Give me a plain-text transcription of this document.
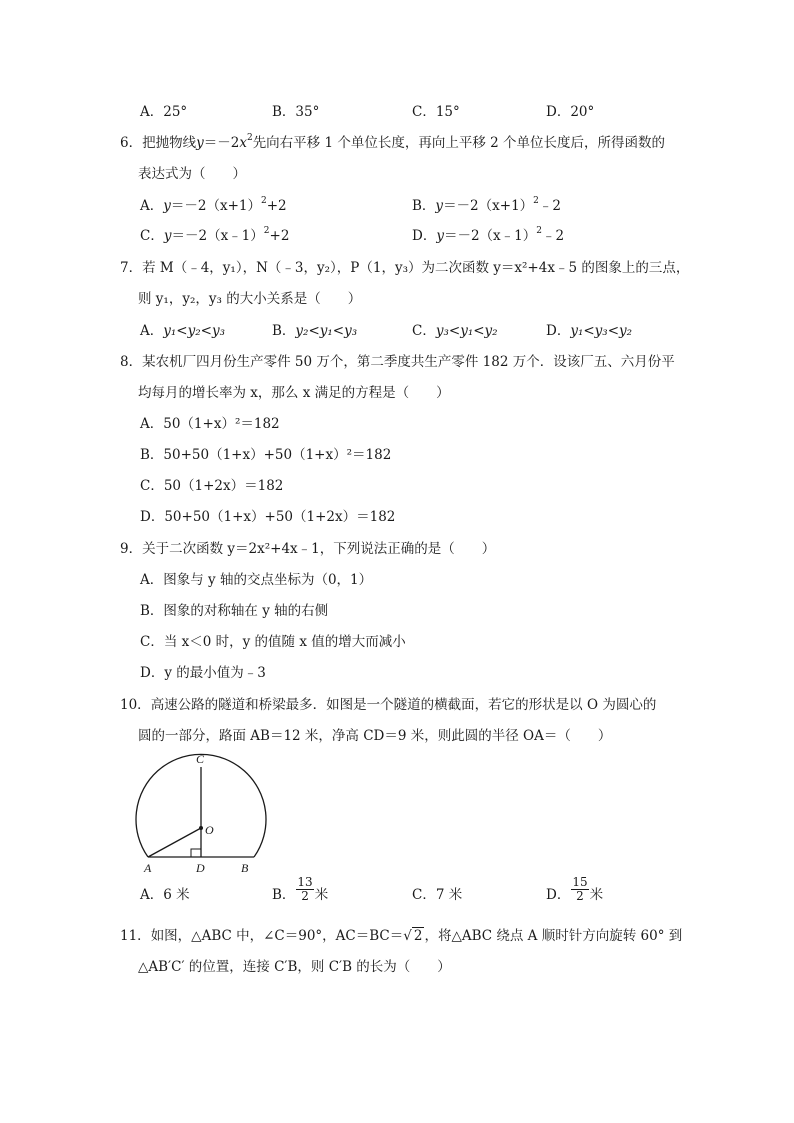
A．25°	B．35°	C．15°	D．20°
6．把抛物线$y=-2x^2$先向右平移 1 个单位长度，再向上平移 2 个单位长度后，所得函数的
表达式为（　　）
A．$y=-2(x+1)^2+2$	B．$y=-2(x+1)^2﹣2$
C．y＝－2（x﹣1）$^2$+2	D．y＝－2（x﹣1）$^2$﹣2
7．若 M（﹣4，y₁），N（﹣3，y₂），P（1，y₃）为二次函数 y＝x²+4x﹣5 的图象上的三点，
则 y₁，y₂，y₃ 的大小关系是（　　）
A．y₁<y₂<y₃	B．y₂<y₁<y₃	C．y₃<y₁<y₂	D．y₁<y₃<y₂
8．某农机厂四月份生产零件 50 万个，第二季度共生产零件 182 万个．设该厂五、六月份平
均每月的增长率为 x，那么 x 满足的方程是（　　）
A．50（1+x）²＝182
B．50+50（1+x）+50（1+x）²＝182
C．50（1+2x）＝182
D．50+50（1+x）+50（1+2x）＝182
9．关于二次函数 y＝2x²+4x﹣1，下列说法正确的是（　　）
A．图象与 y 轴的交点坐标为（0，1）
B．图象的对称轴在 y 轴的右侧
C．当 x＜0 时，y 的值随 x 值的增大而减小
D．y 的最小值为﹣3
10．高速公路的隧道和桥梁最多．如图是一个隧道的横截面，若它的形状是以 O 为圆心的
圆的一部分，路面 AB＝12 米，净高 CD＝9 米，则此圆的半径 OA＝（　　）
C
O
A	D	B
A．6 米	B． $\frac{13}{2}$ 米	C．7 米	D． $\frac{15}{2}$ 米
11．如图，△ABC 中，∠C＝90°，AC＝BC＝√ 2 ，将△ABC 绕点 A 顺时针方向旋转 60° 到
△AB′C′ 的位置，连接 C′B，则 C′B 的长为（　　）
